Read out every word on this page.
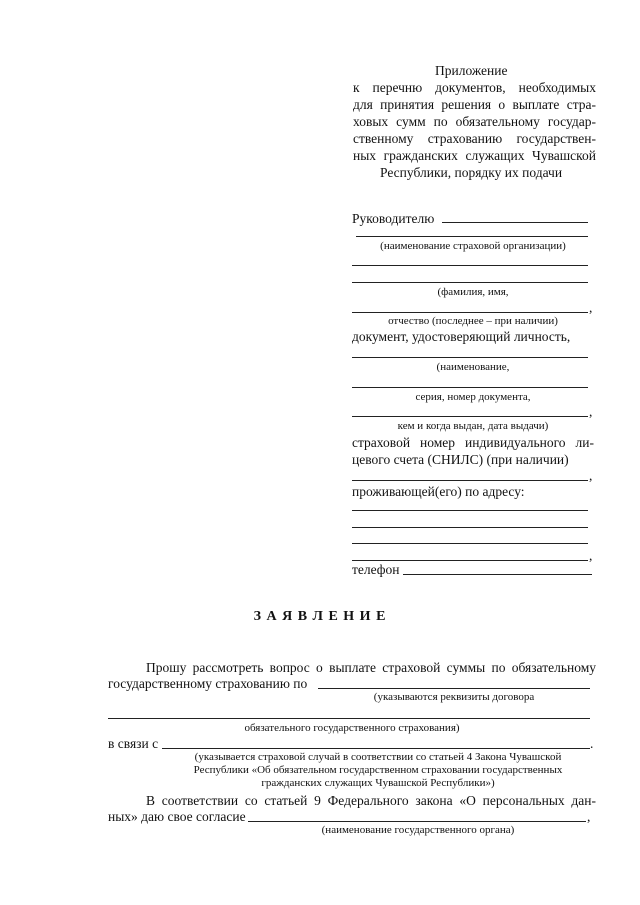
Приложение
к перечню документов, необходимых
для принятия решения о выплате стра-
ховых сумм по обязательному государ-
ственному страхованию государствен-
ных гражданских служащих Чувашской
Республики, порядку их подачи
Руководителю
(наименование страховой организации)
(фамилия, имя,
,
отчество (последнее – при наличии)
документ, удостоверяющий личность,
(наименование,
серия, номер документа,
,
кем и когда выдан, дата выдачи)
страховой номер индивидуального ли-
цевого счета (СНИЛС) (при наличии)
,
проживающей(его) по адресу:
,
телефон
З А Я В Л Е Н И Е
Прошу рассмотреть вопрос о выплате страховой суммы по обязательному
государственному страхованию по
(указываются реквизиты договора
обязательного государственного страхования)
в связи с	.
(указывается страховой случай в соответствии со статьей 4 Закона Чувашской
Республики «Об обязательном государственном страховании государственных
гражданских служащих Чувашской Республики»)
В соответствии со статьей 9 Федерального закона «О персональных дан-
ных» даю свое согласие	,
(наименование государственного органа)
